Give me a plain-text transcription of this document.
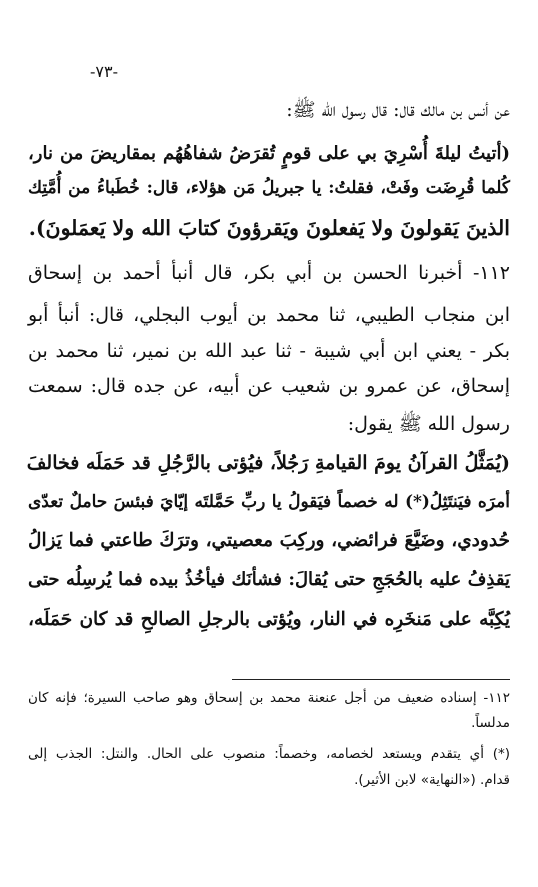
-٧٣-
عن أنس بن مالك قال: قال رسول الله ﷺ:
(أتيتُ ليلةَ أُسْرِيَ بي على قومٍ تُقرَضُ شفاهُهُم بمقاريضَ من نار،
كُلما قُرِضَت وفَتْ، فقلتُ: يا جبريلُ مَن هؤلاء، قال: خُطَباءُ من أُمَّتِك
الذينَ يَقولونَ ولا يَفعلونَ ويَقرؤونَ كتابَ الله ولا يَعمَلونَ).
١١٢- أخبرنا الحسن بن أبي بكر، قال أنبأ أحمد بن إسحاق
ابن منجاب الطيبي، ثنا محمد بن أيوب البجلي، قال: أنبأ أبو
بكر - يعني ابن أبي شيبة - ثنا عبد الله بن نمير، ثنا محمد بن
إسحاق، عن عمرو بن شعيب عن أبيه، عن جده قال: سمعت
رسول الله ﷺ يقول:
(يُمَثَّلُ القرآنُ يومَ القيامةِ رَجُلاً، فيُؤتى بالرَّجُلِ قد حَمَلَه فخالفَ
أمرَه فيَنتَثِلُ(*) له خصماً فيَقولُ يا ربِّ حَمَّلتَه إيّايَ فبئسَ حاملٌ تعدّى
حُدودي، وضَيَّعَ فرائضي، وركِبَ معصيتي، وترَكَ طاعتي فما يَزالُ
يَقذِفُ عليه بالحُجَجِ حتى يُقالَ: فشأنَك فيأخُذُ بيده فما يُرسِلُه حتى
يُكِبَّه على مَنخَرِه في النار، ويُؤتى بالرجلِ الصالحِ قد كان حَمَلَه،
١١٢- إسناده ضعيف من أجل عنعنة محمد بن إسحاق وهو صاحب السيرة؛ فإنه كان
مدلساً.
(*) أي يتقدم ويستعد لخصامه، وخصماً: منصوب على الحال. والنتل: الجذب إلى
قدام. («النهاية» لابن الأثير).
